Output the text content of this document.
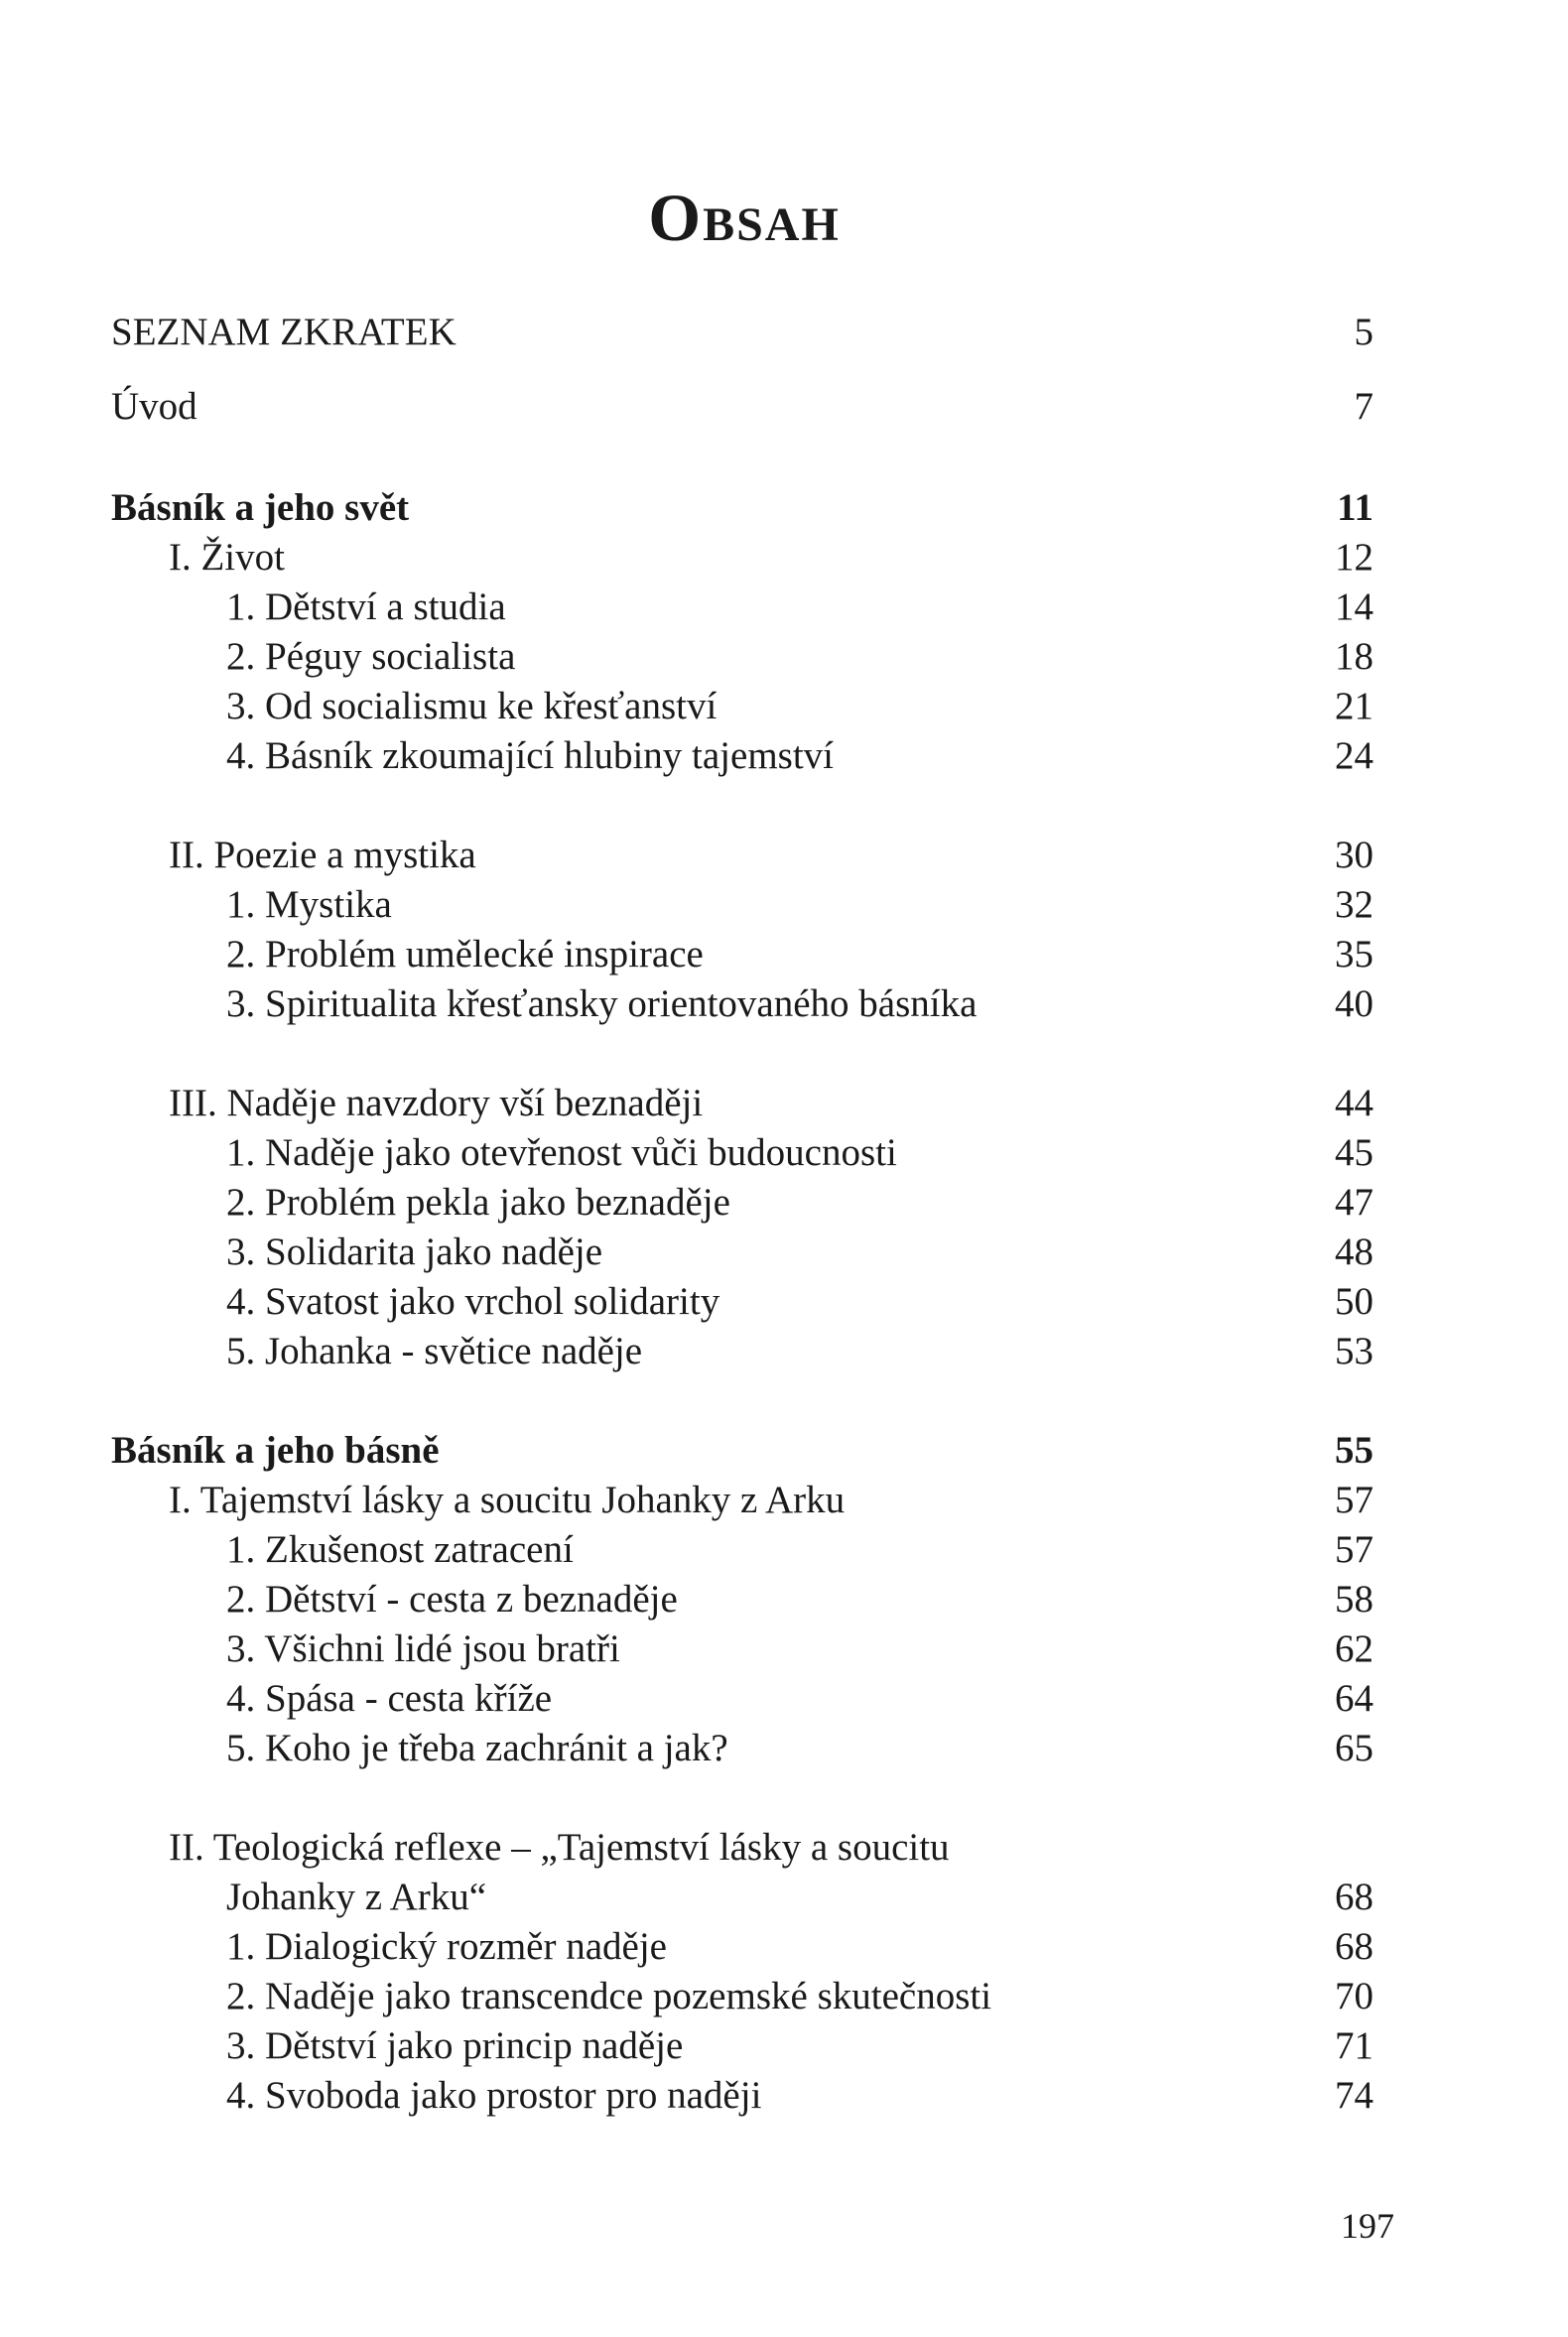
Obsah
SEZNAM ZKRATEK	5
Úvod	7
Básník a jeho svět	11
I. Život	12
1. Dětství a studia	14
2. Péguy socialista	18
3. Od socialismu ke křesťanství	21
4. Básník zkoumající hlubiny tajemství	24
II. Poezie a mystika	30
1. Mystika	32
2. Problém umělecké inspirace	35
3. Spiritualita křesťansky orientovaného básníka	40
III. Naděje navzdory vší beznaději	44
1. Naděje jako otevřenost vůči budoucnosti	45
2. Problém pekla jako beznaděje	47
3. Solidarita jako naděje	48
4. Svatost jako vrchol solidarity	50
5. Johanka - světice naděje	53
Básník a jeho básně	55
I. Tajemství lásky a soucitu Johanky z Arku	57
1. Zkušenost zatracení	57
2. Dětství - cesta z beznaděje	58
3. Všichni lidé jsou bratři	62
4. Spása - cesta kříže	64
5. Koho je třeba zachránit a jak?	65
II. Teologická reflexe – „Tajemství lásky a soucitu
Johanky z Arku“	68
1. Dialogický rozměr naděje	68
2. Naděje jako transcendce pozemské skutečnosti	70
3. Dětství jako princip naděje	71
4. Svoboda jako prostor pro naději	74
197
